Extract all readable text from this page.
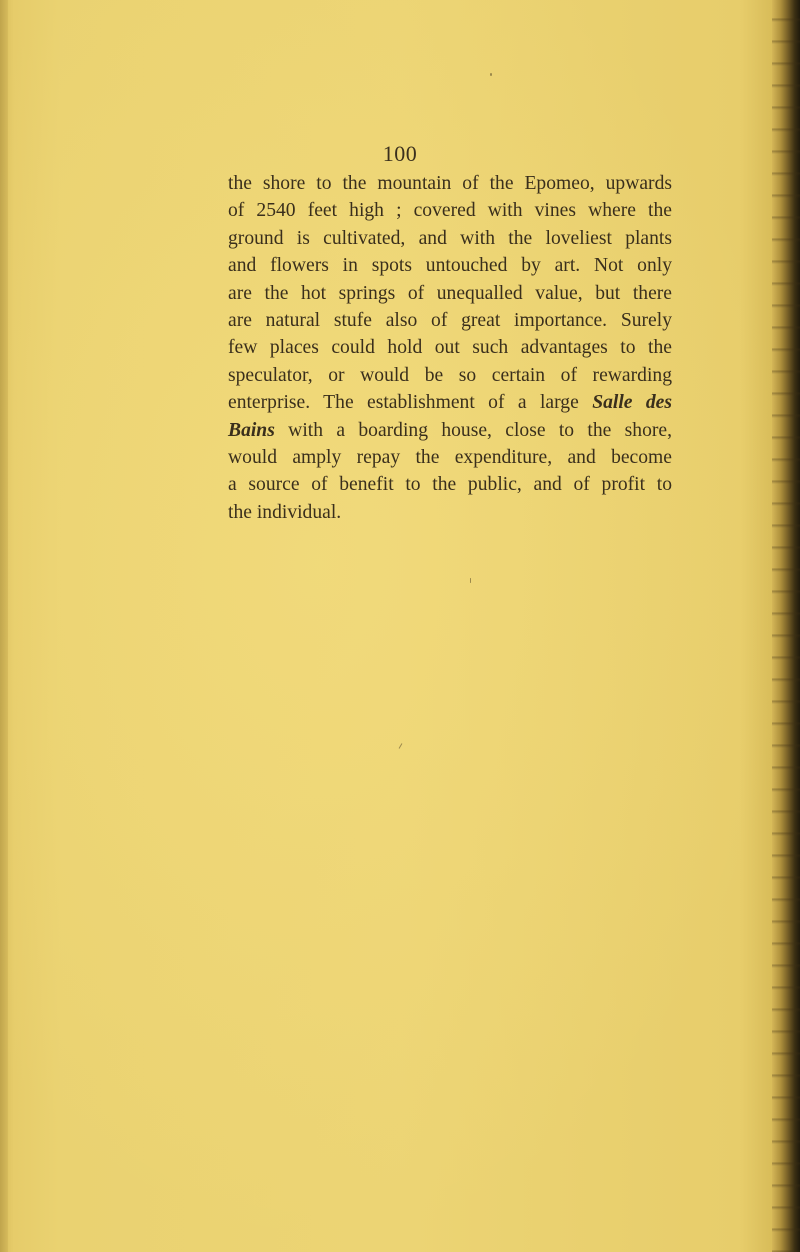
100
the shore to the mountain of the Epomeo, upwards
of 2540 feet high ; covered with vines where the
ground is cultivated, and with the loveliest plants
and flowers in spots untouched by art. Not only
are the hot springs of unequalled value, but there
are natural stufe also of great importance. Surely
few places could hold out such advantages to the
speculator, or would be so certain of rewarding
enterprise. The establishment of a large Salle des
Bains with a boarding house, close to the shore,
would amply repay the expenditure, and become
a source of benefit to the public, and of profit to
the individual.
